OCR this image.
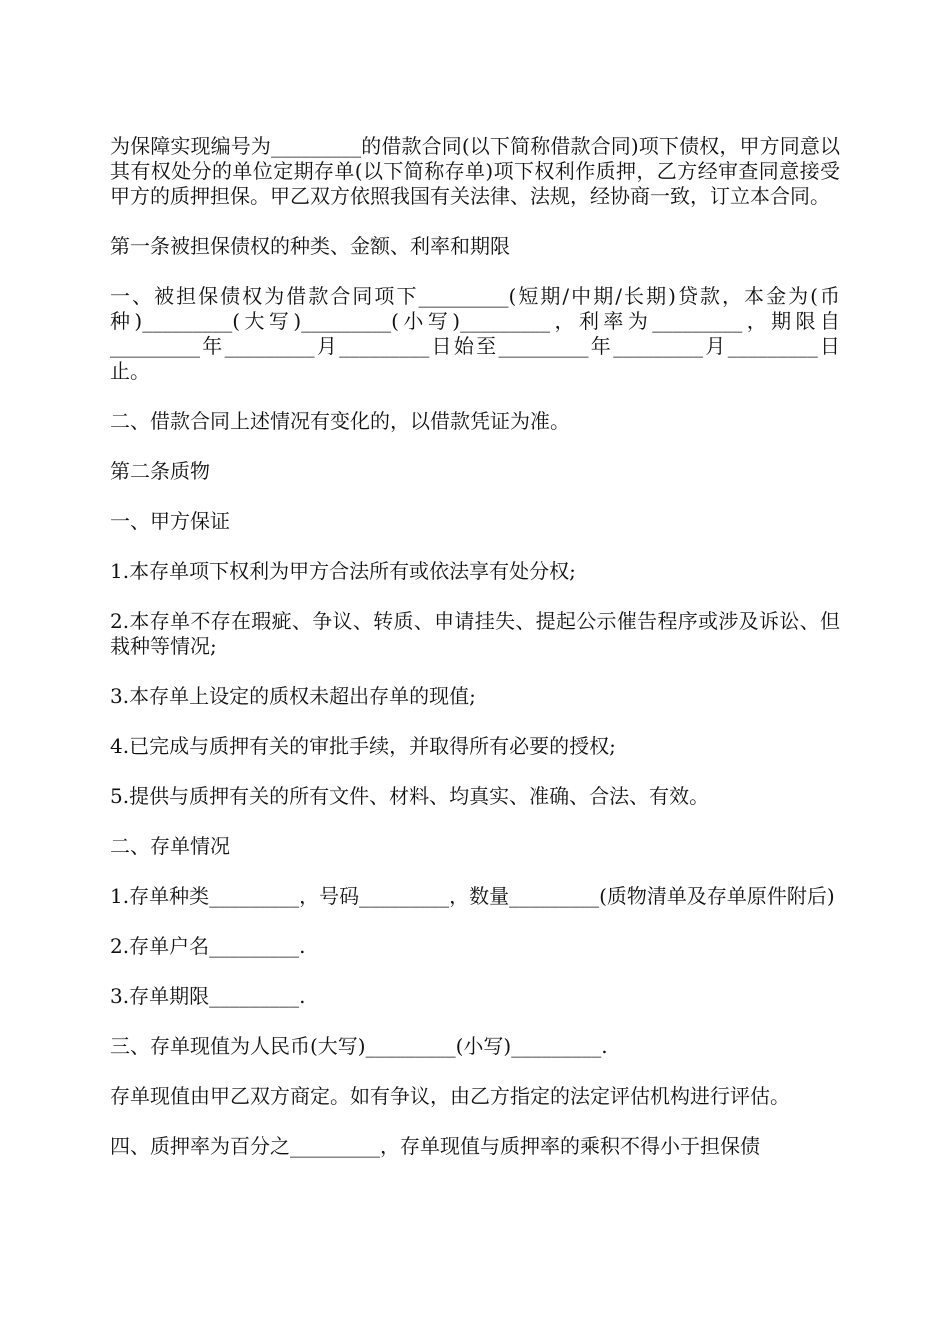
为保障实现编号为_________的借款合同(以下简称借款合同)项下债权，甲方同意以其有权处分的单位定期存单(以下简称存单)项下权利作质押，乙方经审查同意接受甲方的质押担保。甲乙双方依照我国有关法律、法规，经协商一致，订立本合同。

第一条被担保债权的种类、金额、利率和期限

一、被担保债权为借款合同项下_________(短期/中期/长期)贷款，本金为(币种)_________(大写)_________(小写)_________，利率为_________，期限自_________年_________月_________日始至_________年_________月_________日止。

二、借款合同上述情况有变化的，以借款凭证为准。

第二条质物

一、甲方保证

1.本存单项下权利为甲方合法所有或依法享有处分权;

2.本存单不存在瑕疵、争议、转质、申请挂失、提起公示催告程序或涉及诉讼、但栽种等情况;

3.本存单上设定的质权未超出存单的现值;

4.已完成与质押有关的审批手续，并取得所有必要的授权;

5.提供与质押有关的所有文件、材料、均真实、准确、合法、有效。

二、存单情况

1.存单种类_________，号码_________，数量_________(质物清单及存单原件附后)

2.存单户名_________.

3.存单期限_________.

三、存单现值为人民币(大写)_________(小写)_________.

存单现值由甲乙双方商定。如有争议，由乙方指定的法定评估机构进行评估。

四、质押率为百分之_________，存单现值与质押率的乘积不得小于担保债
